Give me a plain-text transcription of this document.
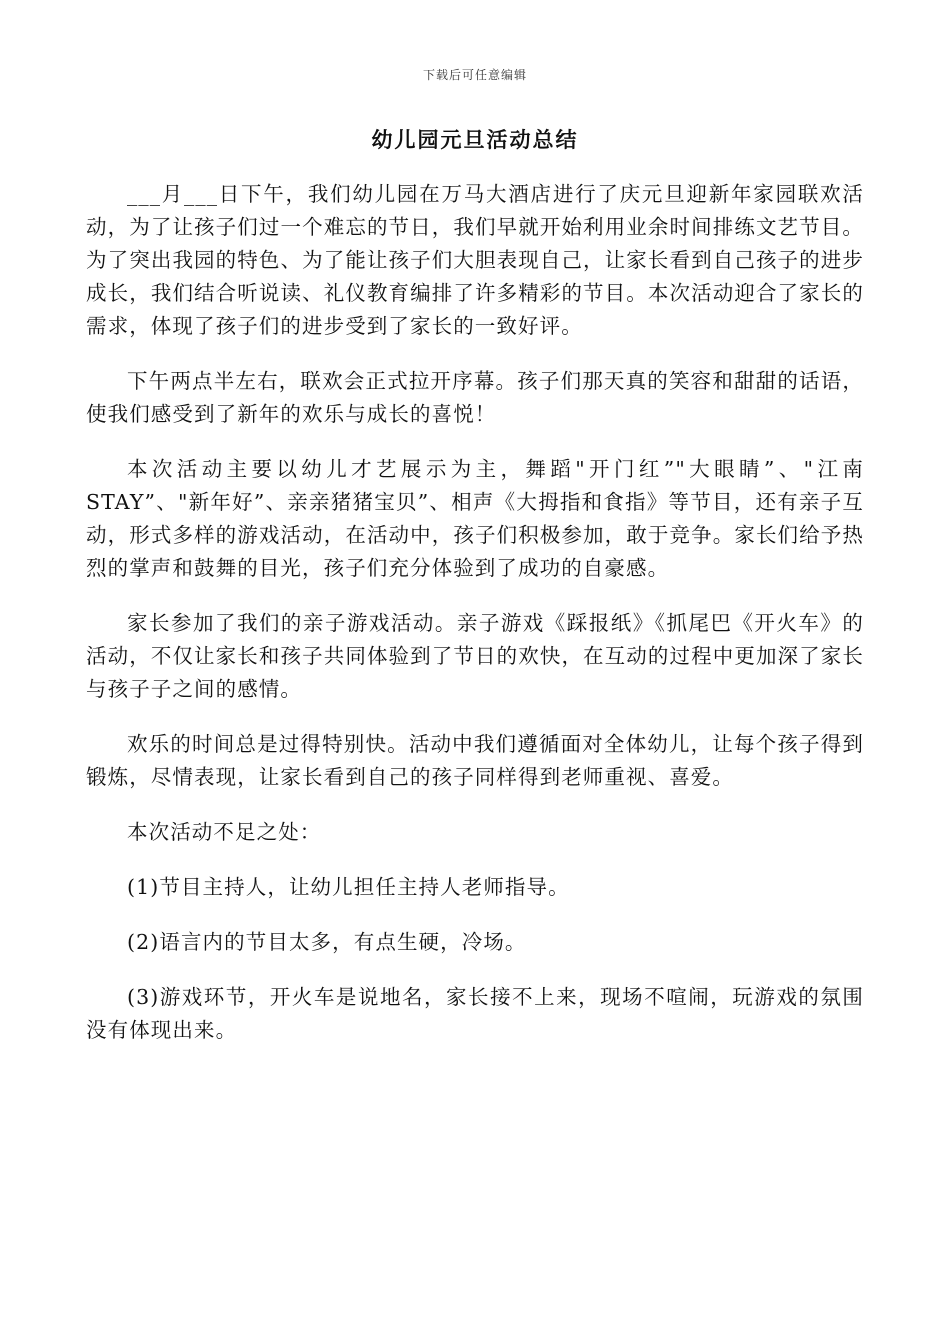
下载后可任意编辑
幼儿园元旦活动总结

___月___日下午，我们幼儿园在万马大酒店进行了庆元旦迎新年家园联欢活动，为了让孩子们过一个难忘的节日，我们早就开始利用业余时间排练文艺节目。为了突出我园的特色、为了能让孩子们大胆表现自己，让家长看到自己孩子的进步成长，我们结合听说读、礼仪教育编排了许多精彩的节目。本次活动迎合了家长的需求，体现了孩子们的进步受到了家长的一致好评。

下午两点半左右，联欢会正式拉开序幕。孩子们那天真的笑容和甜甜的话语，使我们感受到了新年的欢乐与成长的喜悦！

本次活动主要以幼儿才艺展示为主，舞蹈"开门红”"大眼睛”、"江南STAY”、"新年好”、亲亲猪猪宝贝”、相声《大拇指和食指》等节目，还有亲子互动，形式多样的游戏活动，在活动中，孩子们积极参加，敢于竞争。家长们给予热烈的掌声和鼓舞的目光，孩子们充分体验到了成功的自豪感。

家长参加了我们的亲子游戏活动。亲子游戏《踩报纸》《抓尾巴《开火车》的活动，不仅让家长和孩子共同体验到了节日的欢快，在互动的过程中更加深了家长与孩子子之间的感情。

欢乐的时间总是过得特别快。活动中我们遵循面对全体幼儿，让每个孩子得到锻炼，尽情表现，让家长看到自己的孩子同样得到老师重视、喜爱。

本次活动不足之处：

(1)节目主持人，让幼儿担任主持人老师指导。

(2)语言内的节目太多，有点生硬，冷场。

(3)游戏环节，开火车是说地名，家长接不上来，现场不喧闹，玩游戏的氛围没有体现出来。
